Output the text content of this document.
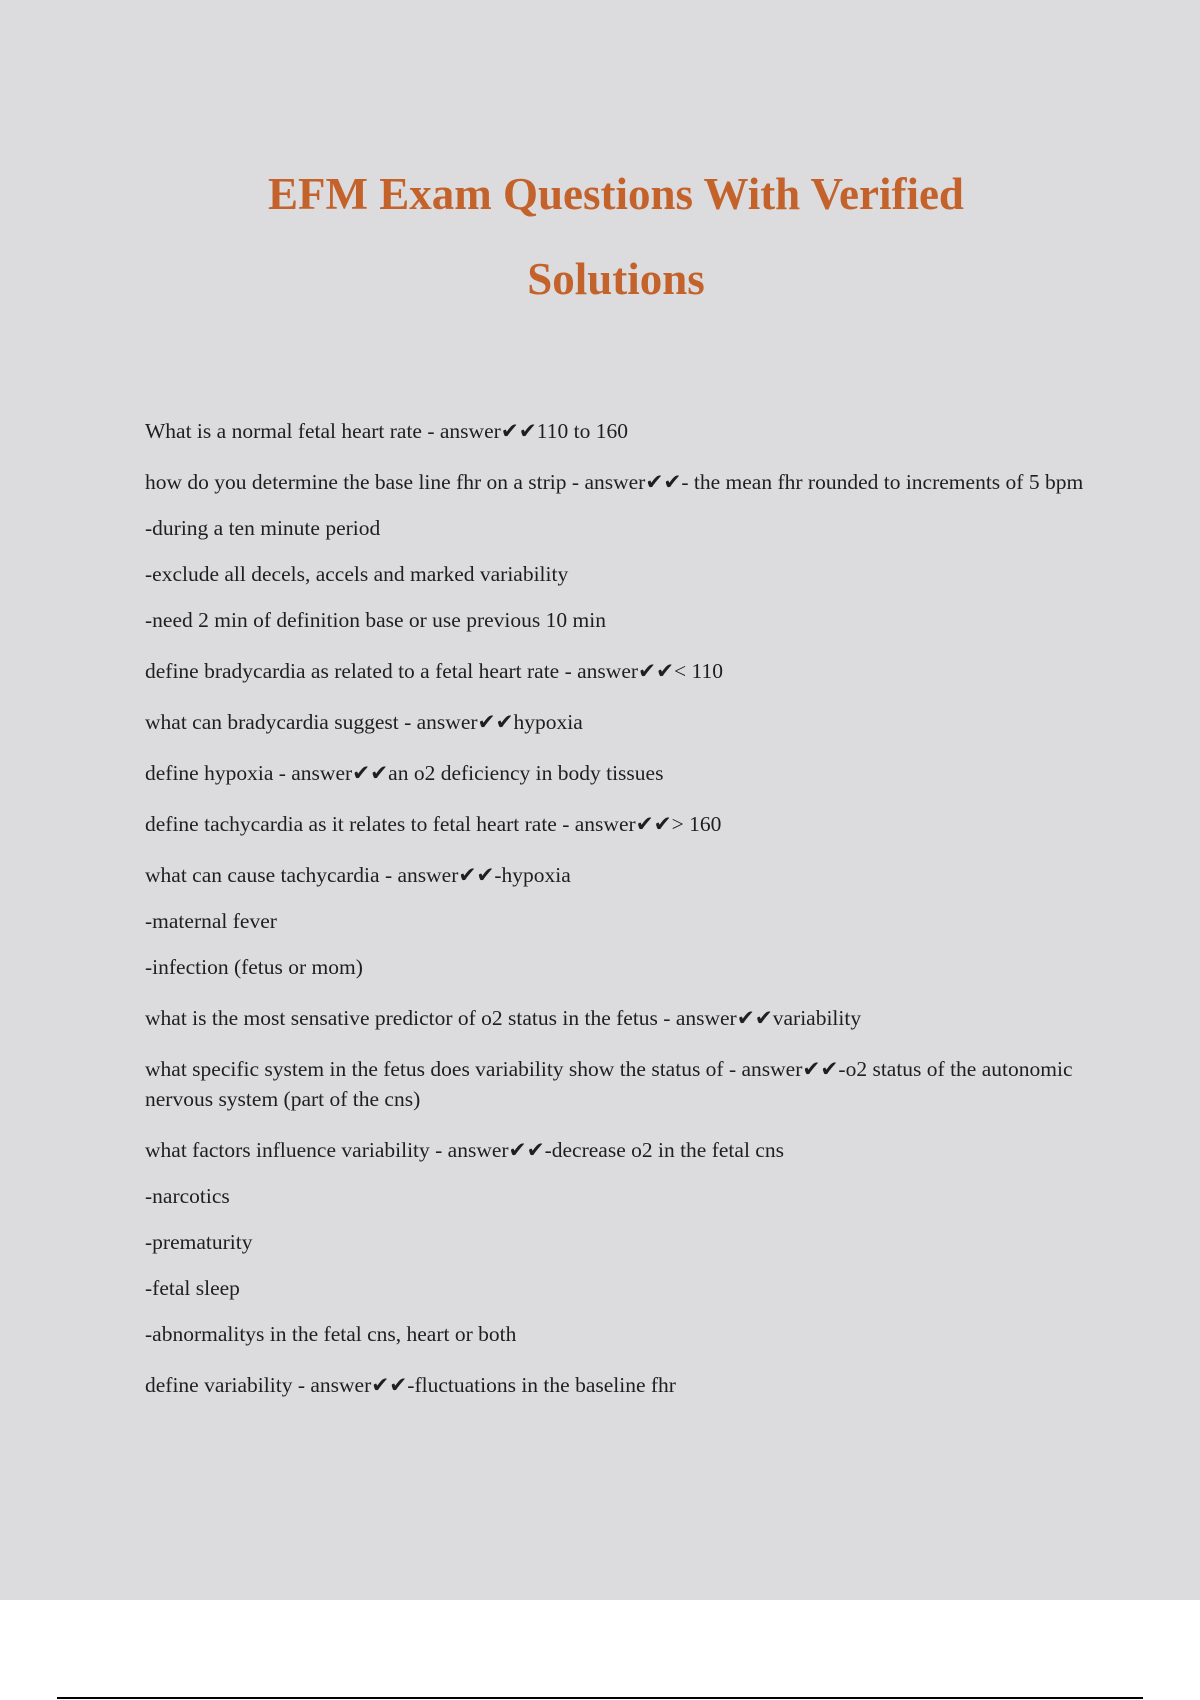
EFM Exam Questions With Verified
Solutions

What is a normal fetal heart rate - answer✔✔110 to 160

how do you determine the base line fhr on a strip - answer✔✔- the mean fhr rounded to increments of 5 bpm

-during a ten minute period

-exclude all decels, accels and marked variability

-need 2 min of definition base or use previous 10 min

define bradycardia as related to a fetal heart rate - answer✔✔< 110

what can bradycardia suggest - answer✔✔hypoxia

define hypoxia - answer✔✔an o2 deficiency in body tissues

define tachycardia as it relates to fetal heart rate - answer✔✔> 160

what can cause tachycardia - answer✔✔-hypoxia

-maternal fever

-infection (fetus or mom)

what is the most sensative predictor of o2 status in the fetus - answer✔✔variability

what specific system in the fetus does variability show the status of - answer✔✔-o2 status of the autonomic nervous system (part of the cns)

what factors influence variability - answer✔✔-decrease o2 in the fetal cns

-narcotics

-prematurity

-fetal sleep

-abnormalitys in the fetal cns, heart or both

define variability - answer✔✔-fluctuations in the baseline fhr
